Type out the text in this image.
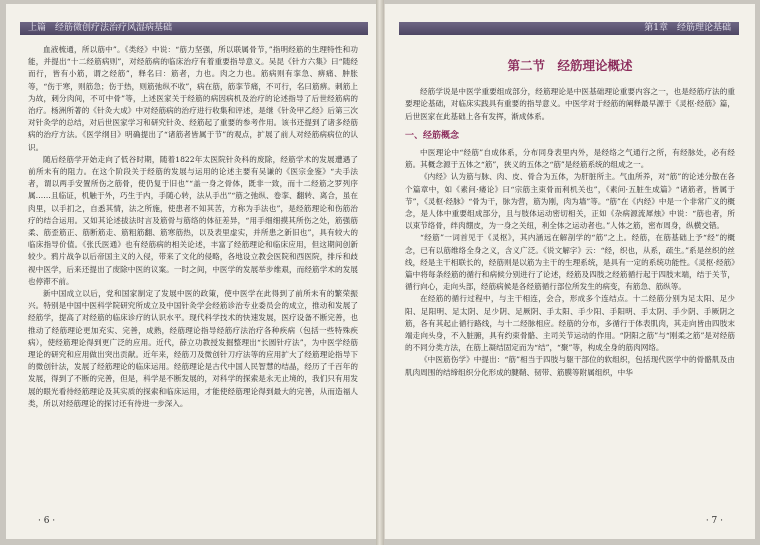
上篇　经筋微创疗法治疗风湿病基础

血液梳通，所以筋中”。《类经》中说：“筋力坚强，所以联属骨节，”指明经筋的生理特性和功能，并提出“十二经筋病则”，对经筋病的临床治疗有着重要指导意义。吴昆《针方六集》曰“随经而行，皆有小筋，谓之经筋”，释名曰：筋者，力也。肉之力也。筋病则有挛急、痹痛、肿胀等，“伤于寒，则筋急；伤于热，则筋弛纵不收”，病在筋，筋挛节痛，不可行，名曰筋痹。刺筋上为故，刺分肉间，不可中骨”等，上述医家关于经筋的病因病机及治疗的论述指导了后世经筋病的治疗。杨洲所著的《针灸大成》中对经筋病的治疗进行收集和评述，是继《针灸甲乙经》后第三次对针灸学的总结，对后世医家学习和研究针灸、经筋起了重要的参考作用。该书还提到了诸多经筋病的治疗方法。《医学纲目》明确提出了“诸筋者皆属于节”的观点，扩展了前人对经筋病病位的认识。

随后经筋学开始走向了低谷时期，随着1822年太医院针灸科的废除，经筋学术的发展遭遇了前所未有的阻力。在这个阶段关于经筋的发展与运用的论述主要有吴谦的《医宗金鉴》“夫手法者，谓以两手安置所伤之筋骨，使仍复于旧也”“盖一身之骨体，既非一致，而十二经筋之罗列序属……且临证，机触于外，巧生于内，手随心转，法从手出”“筋之弛纵、卷挛、翻转、离合，虽在肉里，以手扪之，自悉其情，法之所施，使患者不知其苦，方称为手法也”，是经筋理论和伤筋治疗的结合运用。又如其论述拔法时言及筋骨与筋络的体征差异，“用手细细摸其所伤之处，筋强筋柔、筋歪筋正、筋断筋走、筋粗筋翻、筋寒筋热，以及表里虚实，并所患之新旧也”，具有较大的临床指导价值。《张氏医通》也有经筋病的相关论述，丰富了经筋理论和临床应用，但这期间创新较少。鸦片战争以后帝国主义的入侵，带来了文化的侵略，各地设立教会医院和西医院，排斥和歧视中医学，后来还提出了废除中医的议案。一时之间，中医学的发展举步维艰，而经筋学术的发展也停滞不前。

新中国成立以后，党和国家制定了发展中医的政策，使中医学在此得到了前所未有的繁荣振兴。特别是中国中医科学院研究所成立及中国针灸学会经筋诊治专业委员会的成立，推动和发展了经筋学，提高了对经筋的临床诊疗的认识水平。现代科学技术的快速发展，医疗设备不断完善，也推动了经筋理论更加充实、完善，成熟，经筋理论指导经筋疗法治疗各种疾病（包括一些特殊疾病），使经筋理论得到更广泛的应用。近代，薛立功教授发掘整理出“长圆针疗法”，为中医学经筋理论的研究和应用做出突出贡献。近年来，经筋刀及微创针刀疗法等的应用扩大了经筋理论指导下的微创针法，发展了经筋理论的临床运用。经筋理论是古代中国人民智慧的结晶，经历了千百年的发展，得到了不断的完善，但是，科学是不断发展的，对科学的探索是永无止境的，我们只有用发展的眼光看待经筋理论及其实质的探索和临床运用，才能使经筋理论得到最大的完善，从而造福人类，所以对经筋理论的探讨还有待进一步深入。

· 6 ·
第1章　经筋理论基础
第二节　经筋理论概述

经筋学说是中医学重要组成部分，经筋理论是中医基础理论重要内容之一，也是经筋疗法的重要理论基础，对临床实践具有重要的指导意义。中医学对于经筋的阐释最早源于《灵枢·经筋》篇，后世医家在此基础上各有发挥，渐成体系。

一、经筋概念

中医理论中“经筋”自成体系，分布同身表里内外，是经络之气通行之所，有经脉处，必有经筋。其概念源于五体之“筋”，狭义的五体之“筋”是经筋系统的组成之一。

《内经》认为筋与脉、肉、皮、骨合为五体，为肝脏所主。气血所养，对“筋”的论述分散在各个篇章中，如《素问·痿论》曰“宗筋主束骨而利机关也”，《素问·五脏生成篇》“诸筋者，皆属于节”，《灵枢·经脉》“骨为干，脉为营，筋为刚，肉为墙”等。“筋”在《内经》中是一个非常广义的概念，是人体中重要组成部分，且与肢体运动密切相关，正如《杂病源流犀烛》中说：“筋也者，所以束节络骨，绊肉绷皮，为一身之关纽，利全体之运动者也。”人体之筋，密布周身，纵横交错。

“经筋”一词首见于《灵枢》，其内涵远在解剖学的“筋”之上。经筋，在筋基础上予“经”的概念，已有以筋维络全身之义，含义广泛。《说文解字》云：“经，织也，从系，疏生。”系是丝织的丝线，经是主干相联长的，经筋则是以筋为主干的生理系统，是具有一定的系统功能性。《灵枢·经筋》篇中将每条经筋的循行和病候分别进行了论述，经筋及四肢之经筋循行起于四肢末端，结于关节，循行向心，走向头部，经筋病候是各经筋循行部位所发生的病变，有筋急、筋纵等。

在经筋的循行过程中，与主干相连，会合，形成多个连结点。十二经筋分别为足太阳、足少阳、足阳明、足太阴、足少阴、足厥阴、手太阳、手少阳、手阳明、手太阴、手少阴、手厥阴之筋，各有其起止循行路线，与十二经脉相应。经筋的分布，多循行于体表肌肉，其走向皆由四肢末端走向头身，不入脏腑，具有约束骨骼、主司关节运动的作用。“阴阳之筋”与“刚柔之筋”是对经筋的不同分类方法，在筋上凝结固定而为“结”，“聚”等，构成全身的筋肉网络。

《中医筋伤学》中提出：“筋”相当于四肢与躯干部位的软组织，包括现代医学中的骨骼肌及由肌肉周围的结缔组织分化形成的腱鞘、韧带、筋膜等附属组织，中华

· 7 ·
